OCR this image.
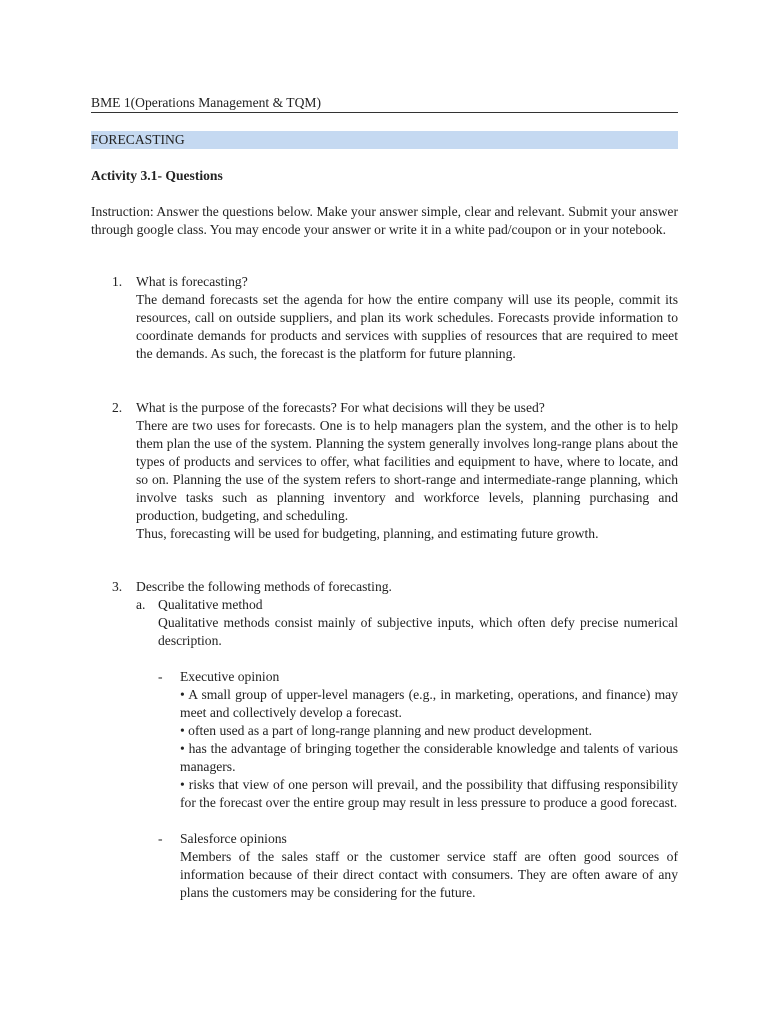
BME 1(Operations Management & TQM)
FORECASTING
Activity 3.1- Questions
Instruction: Answer the questions below. Make your answer simple, clear and relevant. Submit your answer through google class. You may encode your answer or write it in a white pad/coupon or in your notebook.
1. What is forecasting?

The demand forecasts set the agenda for how the entire company will use its people, commit its resources, call on outside suppliers, and plan its work schedules. Forecasts provide information to coordinate demands for products and services with supplies of resources that are required to meet the demands. As such, the forecast is the platform for future planning.

2. What is the purpose of the forecasts? For what decisions will they be used?

There are two uses for forecasts. One is to help managers plan the system, and the other is to help them plan the use of the system. Planning the system generally involves long-range plans about the types of products and services to offer, what facilities and equipment to have, where to locate, and so on. Planning the use of the system refers to short-range and intermediate-range planning, which involve tasks such as planning inventory and workforce levels, planning purchasing and production, budgeting, and scheduling.

Thus, forecasting will be used for budgeting, planning, and estimating future growth.

3. Describe the following methods of forecasting.

a. Qualitative method

Qualitative methods consist mainly of subjective inputs, which often defy precise numerical description.

- Executive opinion

• A small group of upper-level managers (e.g., in marketing, operations, and finance) may meet and collectively develop a forecast.

• often used as a part of long-range planning and new product development.

• has the advantage of bringing together the considerable knowledge and talents of various managers.

• risks that view of one person will prevail, and the possibility that diffusing responsibility for the forecast over the entire group may result in less pressure to produce a good forecast.

- Salesforce opinions

Members of the sales staff or the customer service staff are often good sources of information because of their direct contact with consumers. They are often aware of any plans the customers may be considering for the future.
